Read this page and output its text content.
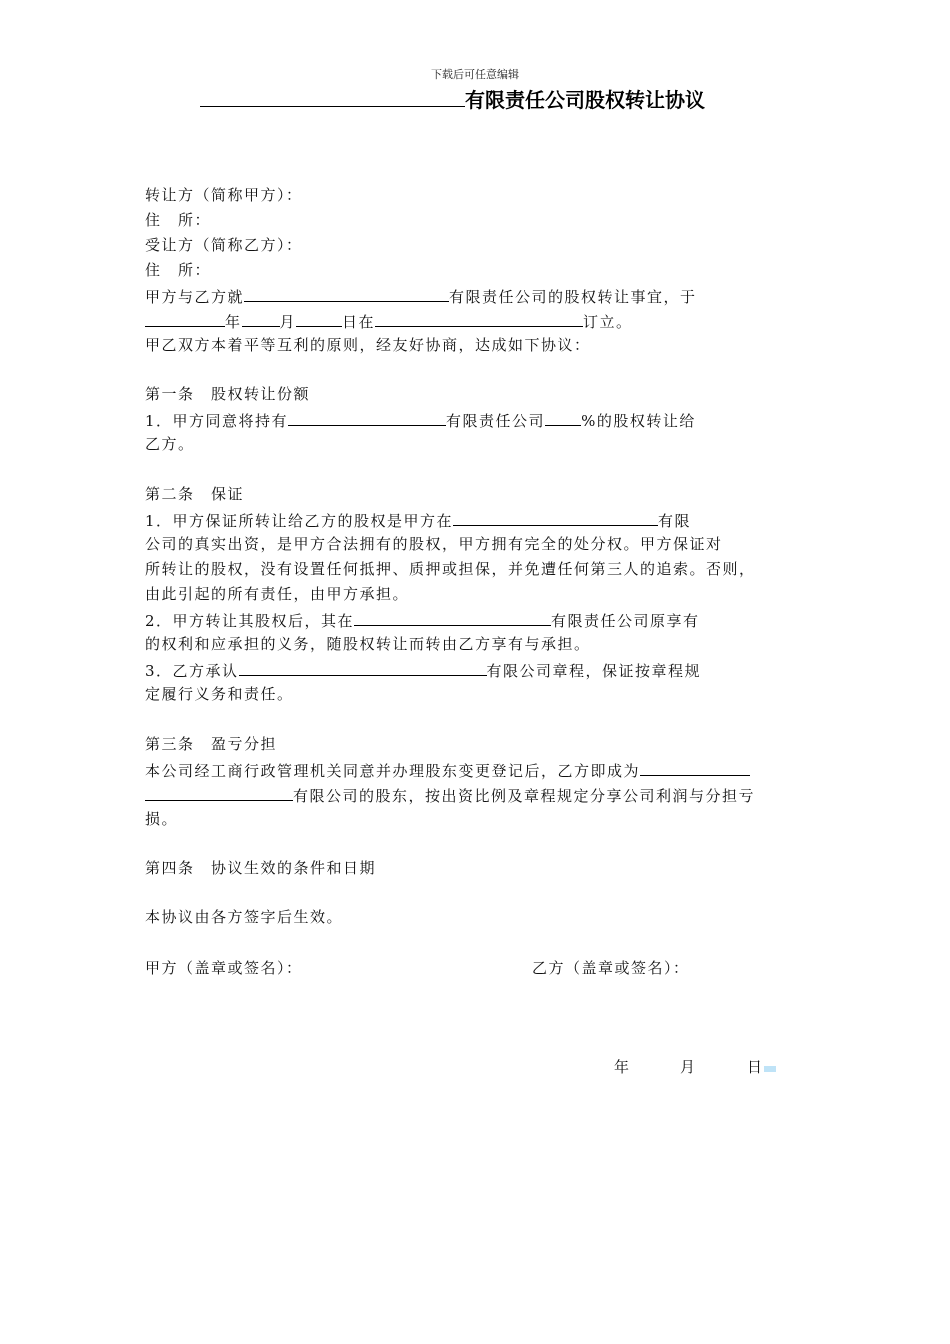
下载后可任意编辑
有限责任公司股权转让协议
转让方（简称甲方）：
住　所：
受让方（简称乙方）：
住　所：
甲方与乙方就	有限责任公司的股权转让事宜，于
年	月	日在	订立。
甲乙双方本着平等互利的原则，经友好协商，达成如下协议：
第一条　股权转让份额
1．甲方同意将持有	有限责任公司 %的股权转让给
乙方。
第二条　保证
1．甲方保证所转让给乙方的股权是甲方在	有限
公司的真实出资，是甲方合法拥有的股权，甲方拥有完全的处分权。甲方保证对
所转让的股权，没有设置任何抵押、质押或担保，并免遭任何第三人的追索。否则，
由此引起的所有责任，由甲方承担。
2．甲方转让其股权后，其在	有限责任公司原享有
的权利和应承担的义务，随股权转让而转由乙方享有与承担。
3．乙方承认	有限公司章程，保证按章程规
定履行义务和责任。
第三条　盈亏分担
本公司经工商行政管理机关同意并办理股东变更登记后，乙方即成为
有限公司的股东，按出资比例及章程规定分享公司利润与分担亏
损。
第四条　协议生效的条件和日期
本协议由各方签字后生效。
甲方（盖章或签名）：	乙方（盖章或签名）：
年	月	日
